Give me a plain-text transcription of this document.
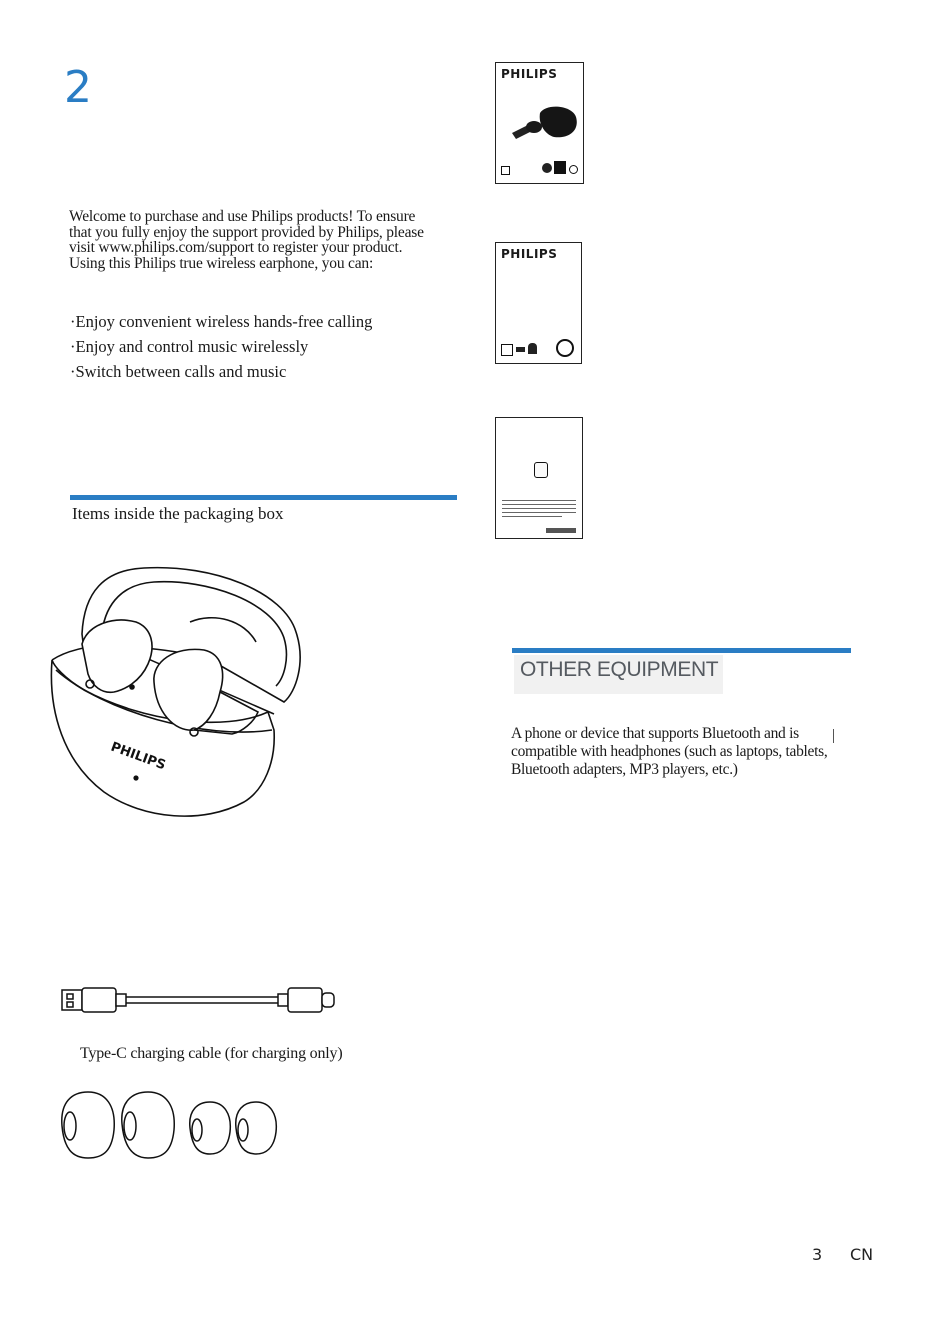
2
Welcome to purchase and use Philips products! To ensure that you fully enjoy the support provided by Philips, please visit www.philips.com/support to register your product. Using this Philips true wireless earphone, you can:
·Enjoy convenient wireless hands-free calling
·Enjoy and control music wirelessly
·Switch between calls and music
Items inside the packaging box
PHILIPS
Type-C charging cable (for charging only)
PHILIPS
PHILIPS
OTHER EQUIPMENT
A phone or device that supports Bluetooth and is compatible with headphones (such as laptops, tablets, Bluetooth adapters, MP3 players, etc.)
3 CN
